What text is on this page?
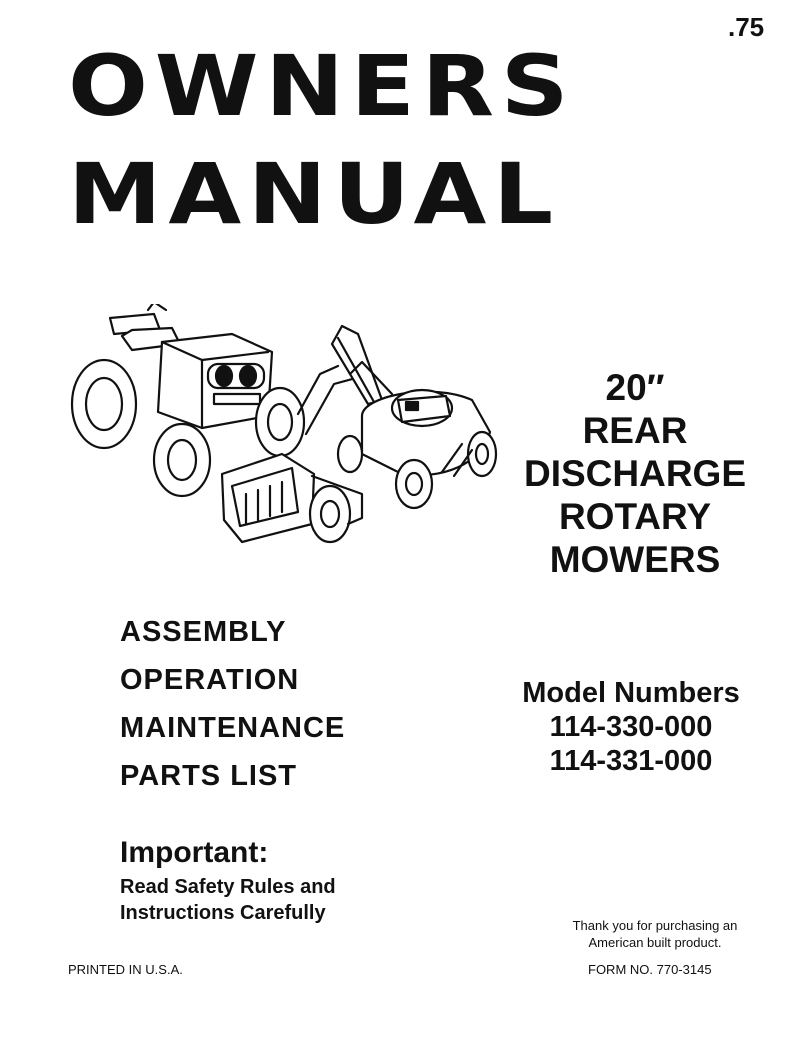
.75
OWNERS
MANUAL
20″
REAR
DISCHARGE
ROTARY
MOWERS
ASSEMBLY
OPERATION
MAINTENANCE
PARTS LIST
Model Numbers
114-330-000
114-331-000
Important:
Read Safety Rules and
Instructions Carefully
Thank you for purchasing an
American built product.
PRINTED IN U.S.A.	FORM NO. 770-3145
